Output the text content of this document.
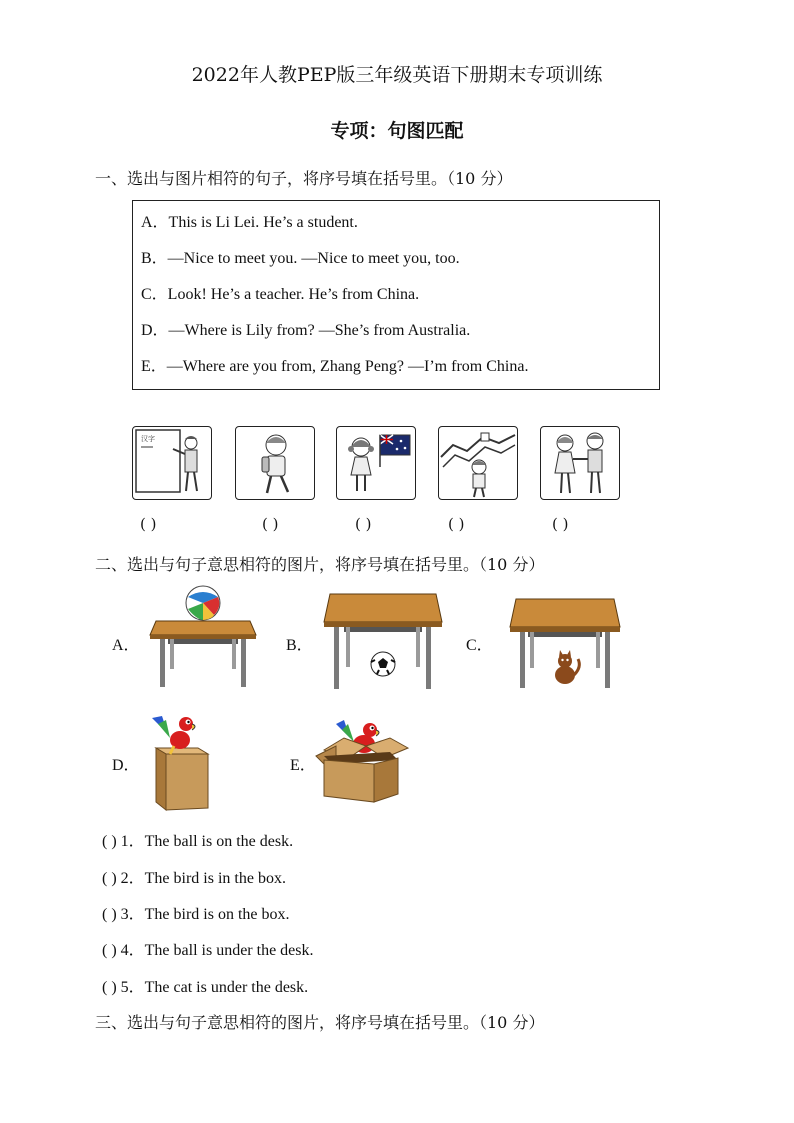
2022年人教PEP版三年级英语下册期末专项训练
专项：句图匹配
一、选出与图片相符的句子，将序号填在括号里。（10 分）
A．This is Li Lei. He’s a student.
B．—Nice to meet you. —Nice to meet you, too.
C．Look! He’s a teacher. He’s from China.
D．—Where is Lily from? —She’s from Australia.
E．—Where are you from, Zhang Peng? —I’m from China.
汉字
( )	( )	( )	( )	( )
二、选出与句子意思相符的图片，将序号填在括号里。（10 分）
A．	B．	C．
D．	E．
( ) 1．The ball is on the desk.
( ) 2．The bird is in the box.
( ) 3．The bird is on the box.
( ) 4．The ball is under the desk.
( ) 5．The cat is under the desk.
三、选出与句子意思相符的图片，将序号填在括号里。（10 分）
